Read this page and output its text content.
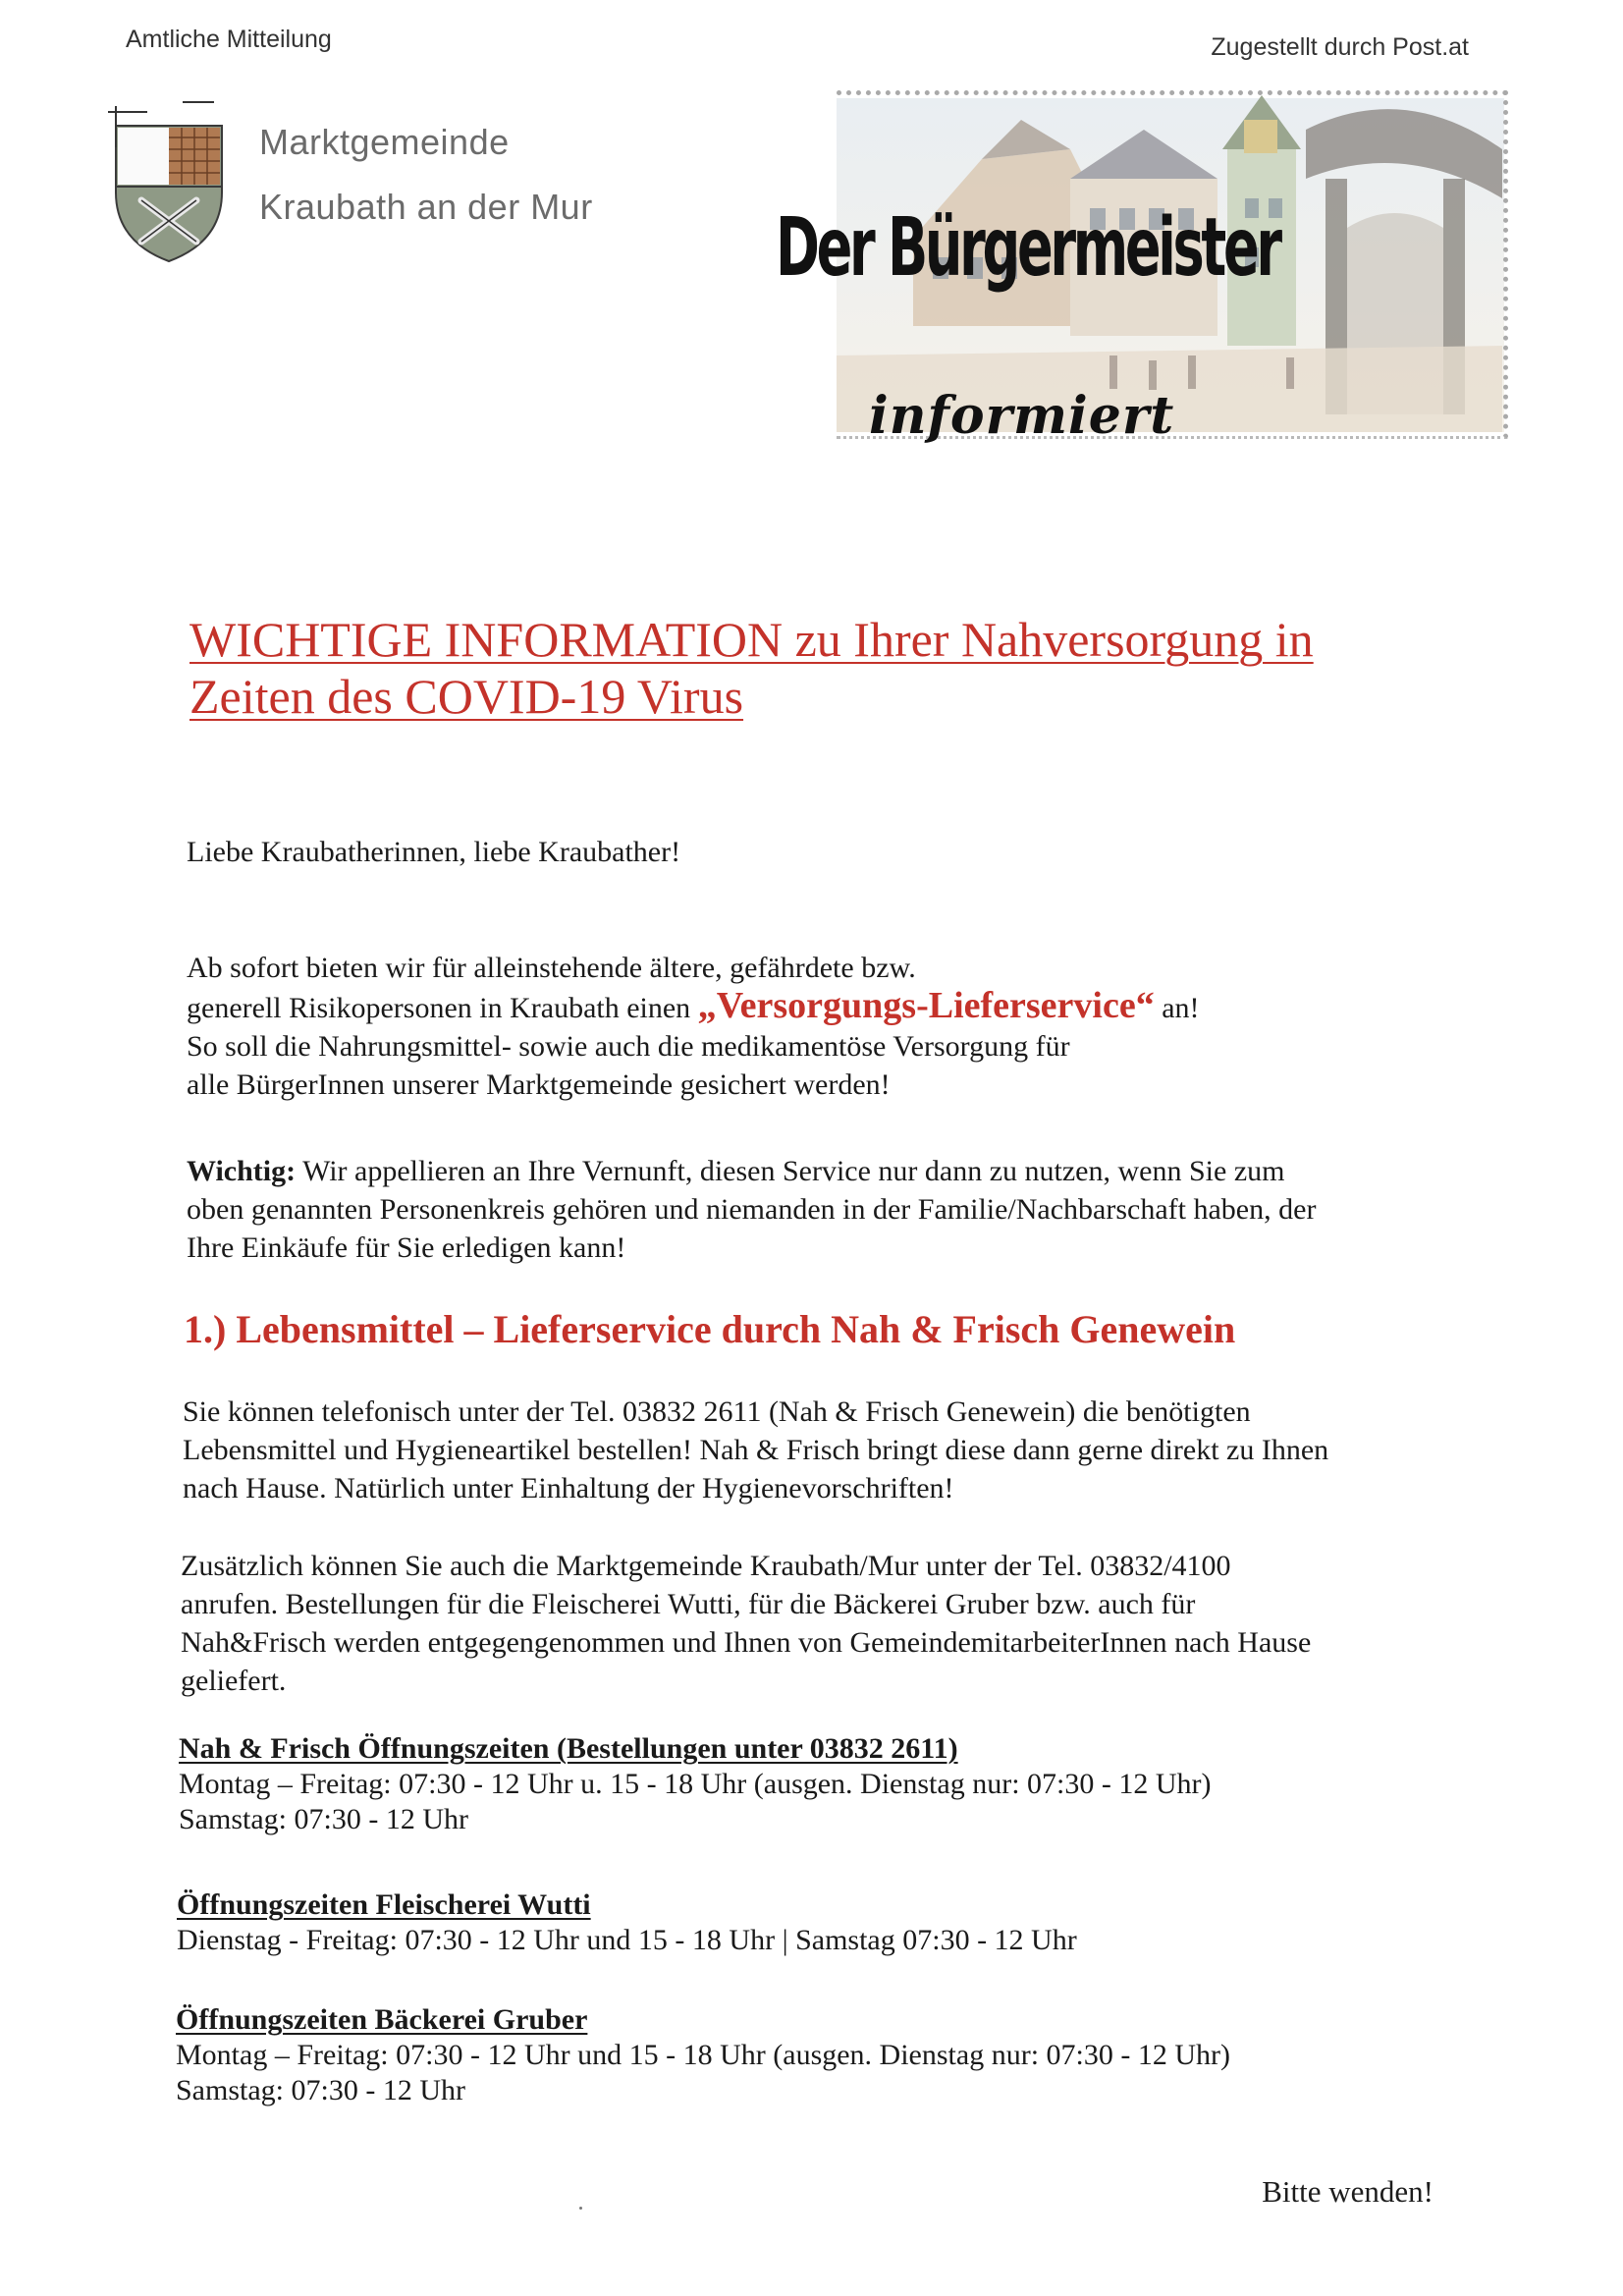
Amtliche Mitteilung	Zugestellt durch Post.at
Marktgemeinde
Kraubath an der Mur Der Bürgermeister
informiert
WICHTIGE INFORMATION zu Ihrer Nahversorgung in
Zeiten des COVID-19 Virus
Liebe Kraubatherinnen, liebe Kraubather!
Ab sofort bieten wir für alleinstehende ältere, gefährdete bzw.
generell Risikopersonen in Kraubath einen „Versorgungs-Lieferservice“ an!
So soll die Nahrungsmittel- sowie auch die medikamentöse Versorgung für
alle BürgerInnen unserer Marktgemeinde gesichert werden!
Wichtig: Wir appellieren an Ihre Vernunft, diesen Service nur dann zu nutzen, wenn Sie zum
oben genannten Personenkreis gehören und niemanden in der Familie/Nachbarschaft haben, der
Ihre Einkäufe für Sie erledigen kann!
1.) Lebensmittel – Lieferservice durch Nah & Frisch Genewein
Sie können telefonisch unter der Tel. 03832 2611 (Nah & Frisch Genewein) die benötigten
Lebensmittel und Hygieneartikel bestellen! Nah & Frisch bringt diese dann gerne direkt zu Ihnen
nach Hause. Natürlich unter Einhaltung der Hygienevorschriften!
Zusätzlich können Sie auch die Marktgemeinde Kraubath/Mur unter der Tel. 03832/4100
anrufen. Bestellungen für die Fleischerei Wutti, für die Bäckerei Gruber bzw. auch für
Nah&Frisch werden entgegengenommen und Ihnen von GemeindemitarbeiterInnen nach Hause
geliefert.
Nah & Frisch Öffnungszeiten (Bestellungen unter 03832 2611)
Montag – Freitag: 07:30 - 12 Uhr u. 15 - 18 Uhr (ausgen. Dienstag nur: 07:30 - 12 Uhr)
Samstag: 07:30 - 12 Uhr
Öffnungszeiten Fleischerei Wutti
Dienstag - Freitag: 07:30 - 12 Uhr und 15 - 18 Uhr | Samstag 07:30 - 12 Uhr
Öffnungszeiten Bäckerei Gruber
Montag – Freitag: 07:30 - 12 Uhr und 15 - 18 Uhr (ausgen. Dienstag nur: 07:30 - 12 Uhr)
Samstag: 07:30 - 12 Uhr
Bitte wenden!
